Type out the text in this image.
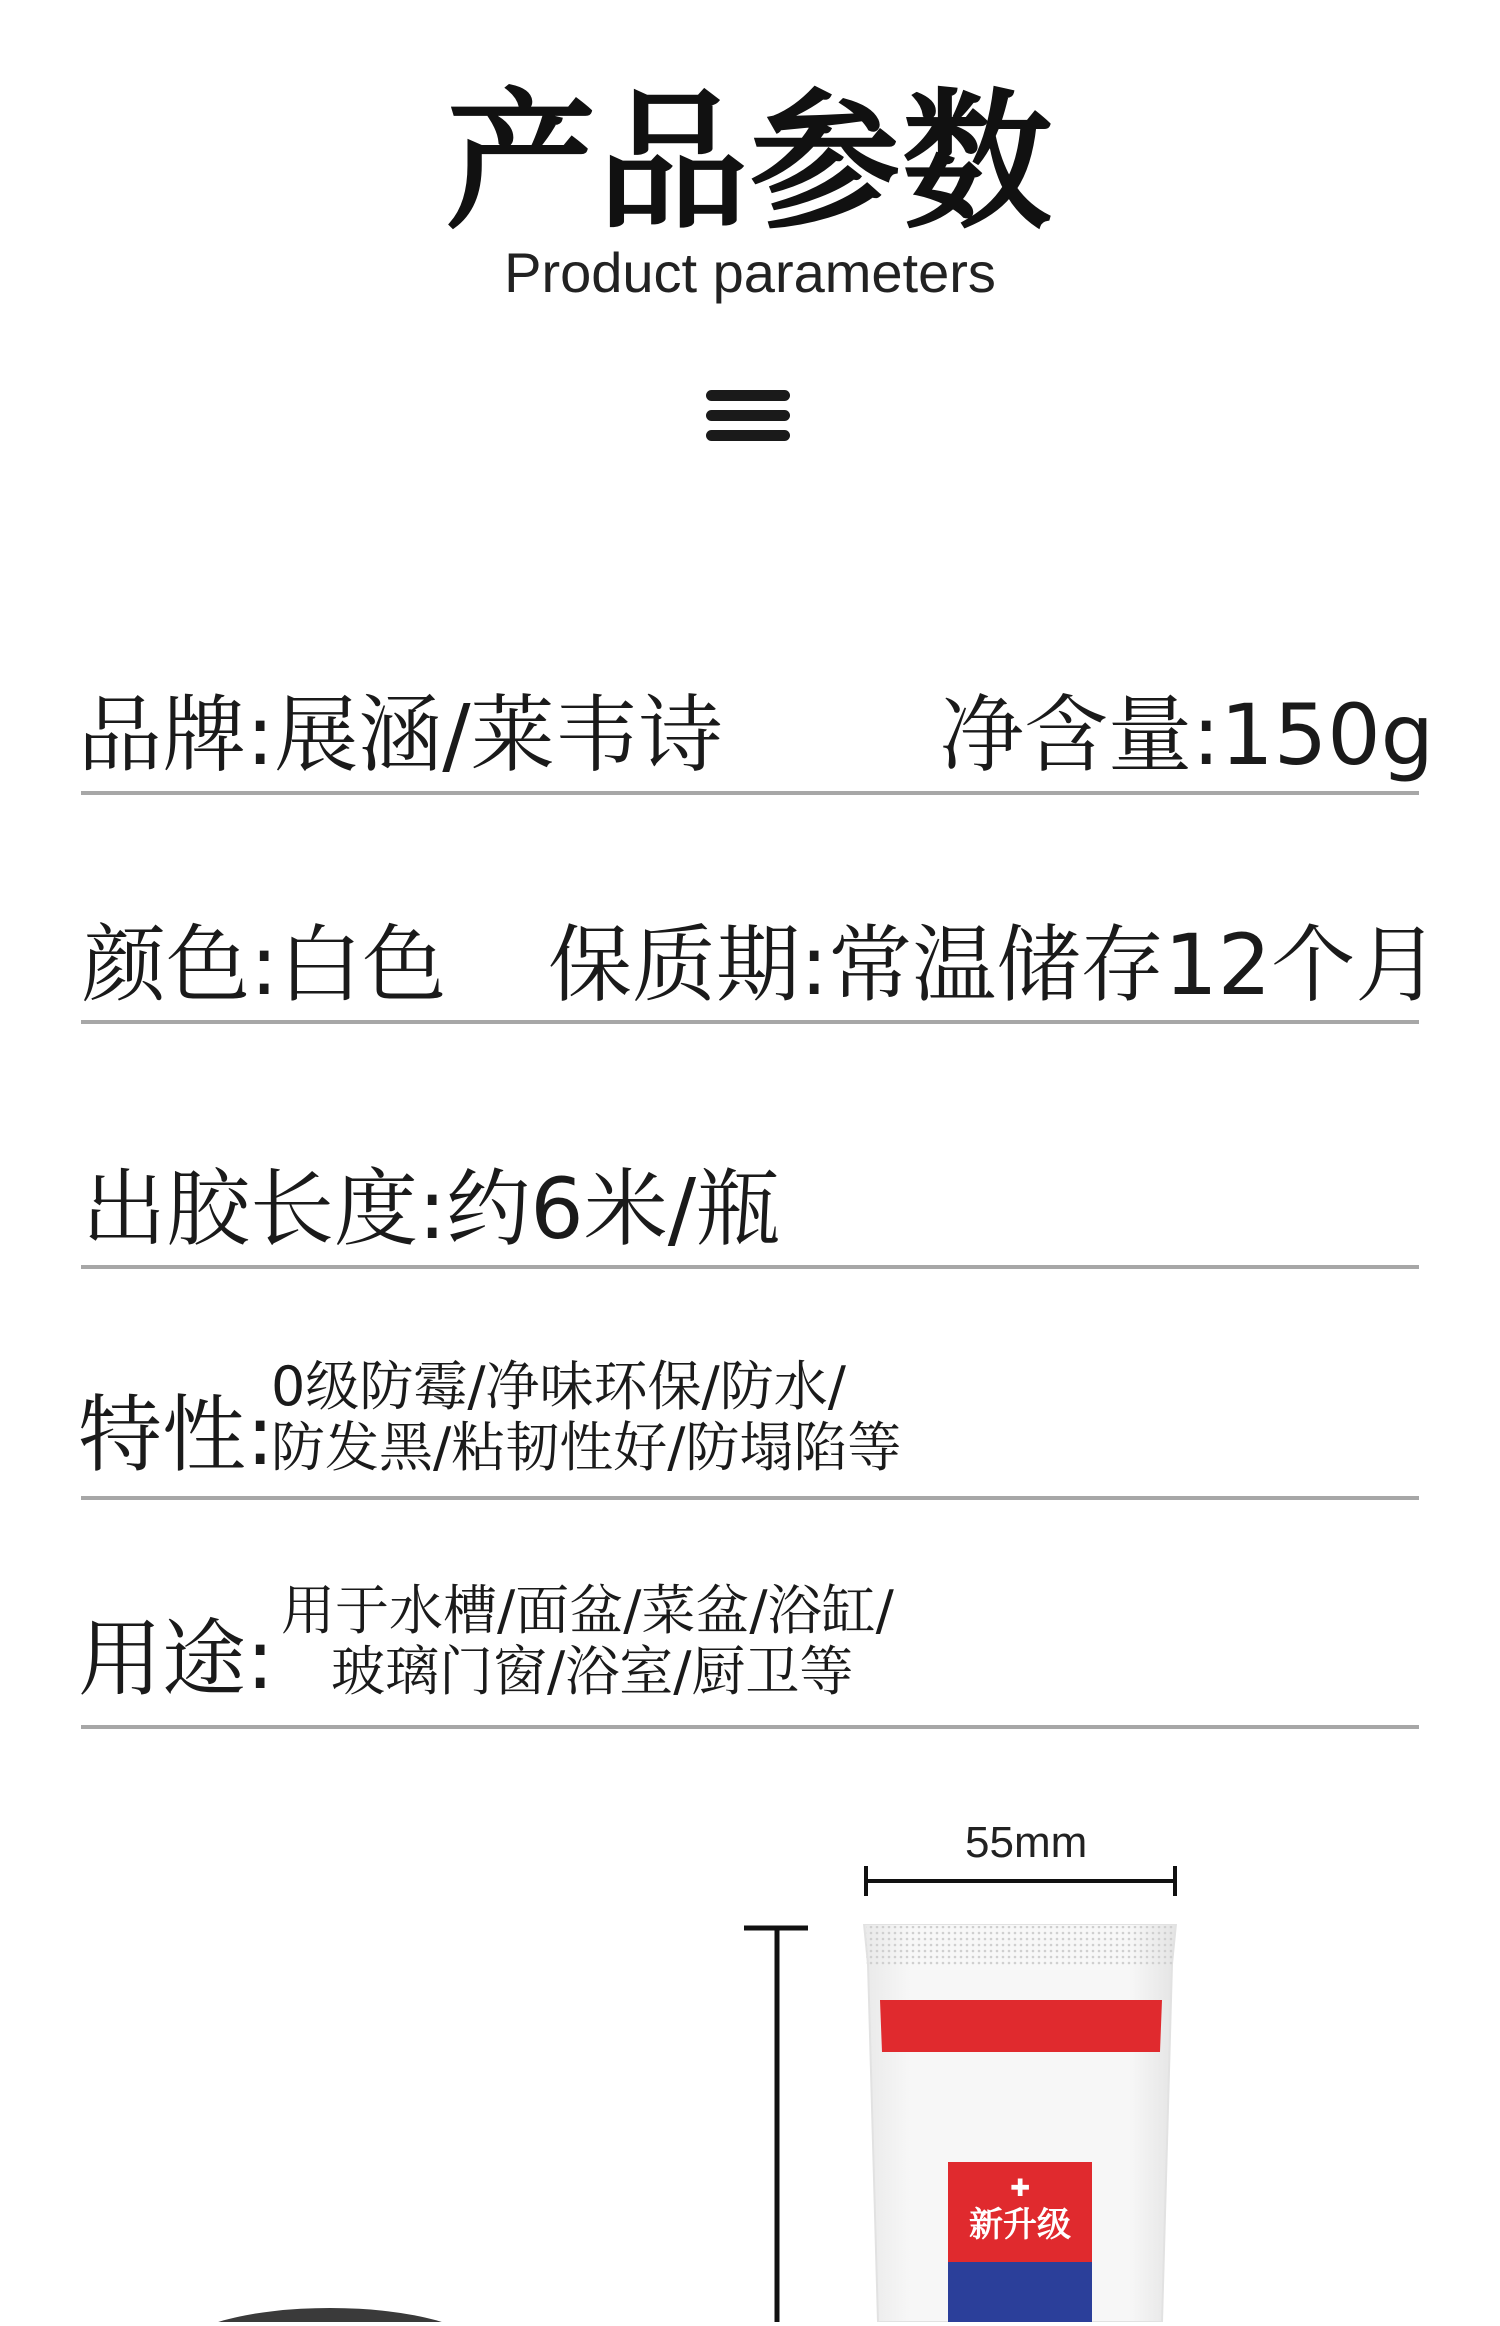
产品参数
Product parameters
品牌:展涵/莱韦诗	净含量:150g
颜色:白色 保质期:常温储存12个月
出胶长度:约6米/瓶
特性:
0级防霉/净味环保/防水/
防发黑/粘韧性好/防塌陷等
用途: 用于水槽/面盆/菜盆/浴缸/
玻璃门窗/浴室/厨卫等
55mm
✚
新升级
